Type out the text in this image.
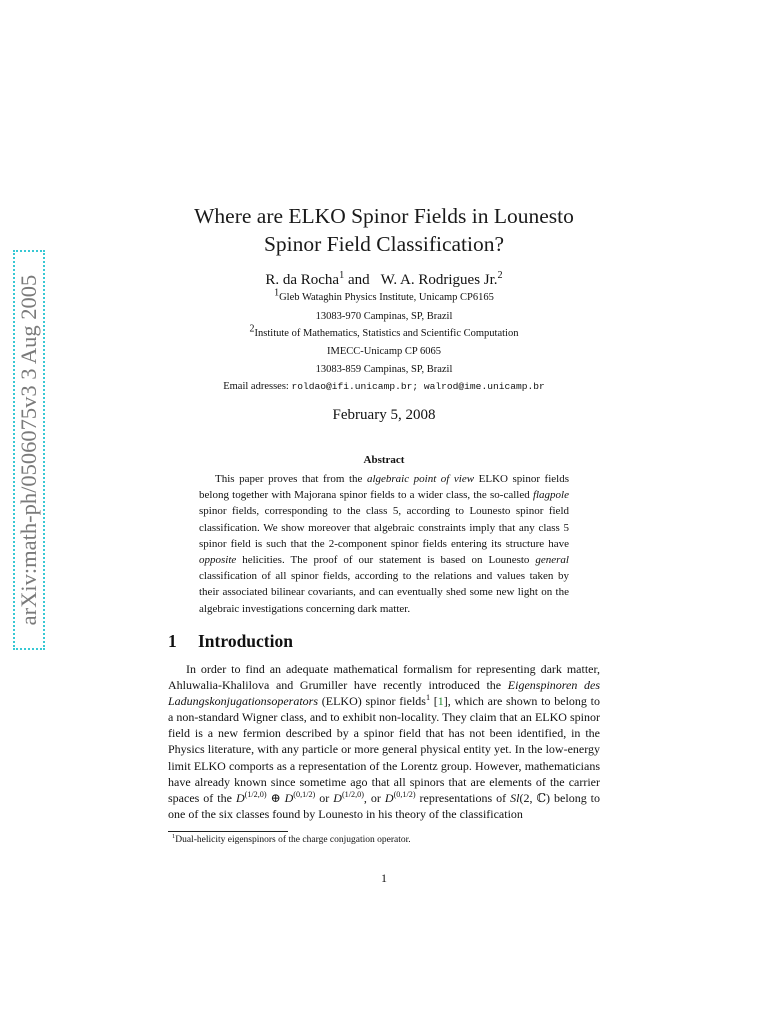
arXiv:math-ph/0506075v3 3 Aug 2005
Where are ELKO Spinor Fields in Lounesto
Spinor Field Classification?
R. da Rocha$^1$ and W. A. Rodrigues Jr.$^2$
$^1$Gleb Wataghin Physics Institute, Unicamp CP6165
13083-970 Campinas, SP, Brazil
$^2$Institute of Mathematics, Statistics and Scientific Computation
IMECC-Unicamp CP 6065
13083-859 Campinas, SP, Brazil
Email adresses: roldao@ifi.unicamp.br; walrod@ime.unicamp.br
February 5, 2008
Abstract

This paper proves that from the algebraic point of view ELKO spinor fields belong together with Majorana spinor fields to a wider class, the so-called flagpole spinor fields, corresponding to the class 5, according to Lounesto spinor field classification. We show moreover that algebraic constraints imply that any class 5 spinor field is such that the 2-component spinor fields entering its structure have opposite helicities. The proof of our statement is based on Lounesto general classification of all spinor fields, according to the relations and values taken by their associated bilinear covariants, and can eventually shed some new light on the algebraic investigations concerning dark matter.

1 Introduction

In order to find an adequate mathematical formalism for representing dark matter, Ahluwalia-Khalilova and Grumiller have recently introduced the Eigenspinoren des Ladungskonjugationsoperators (ELKO) spinor fields$^1$ [1], which are shown to belong to a non-standard Wigner class, and to exhibit non-locality. They claim that an ELKO spinor field is a new fermion described by a spinor field that has not been identified, in the Physics literature, with any particle or more general physical entity yet. In the low-energy limit ELKO comports as a representation of the Lorentz group. However, mathematicians have already known since sometime ago that all spinors that are elements of the carrier spaces of the $D^{(1/2,0)}$ ⊕ $D^{(0,1/2)}$ or $D^{(1/2,0)}$, or $D^{(0,1/2)}$ representations of Sl(2, ℂ) belong to one of the six classes found by Lounesto in his theory of the classification

$^1$Dual-helicity eigenspinors of the charge conjugation operator.
1
